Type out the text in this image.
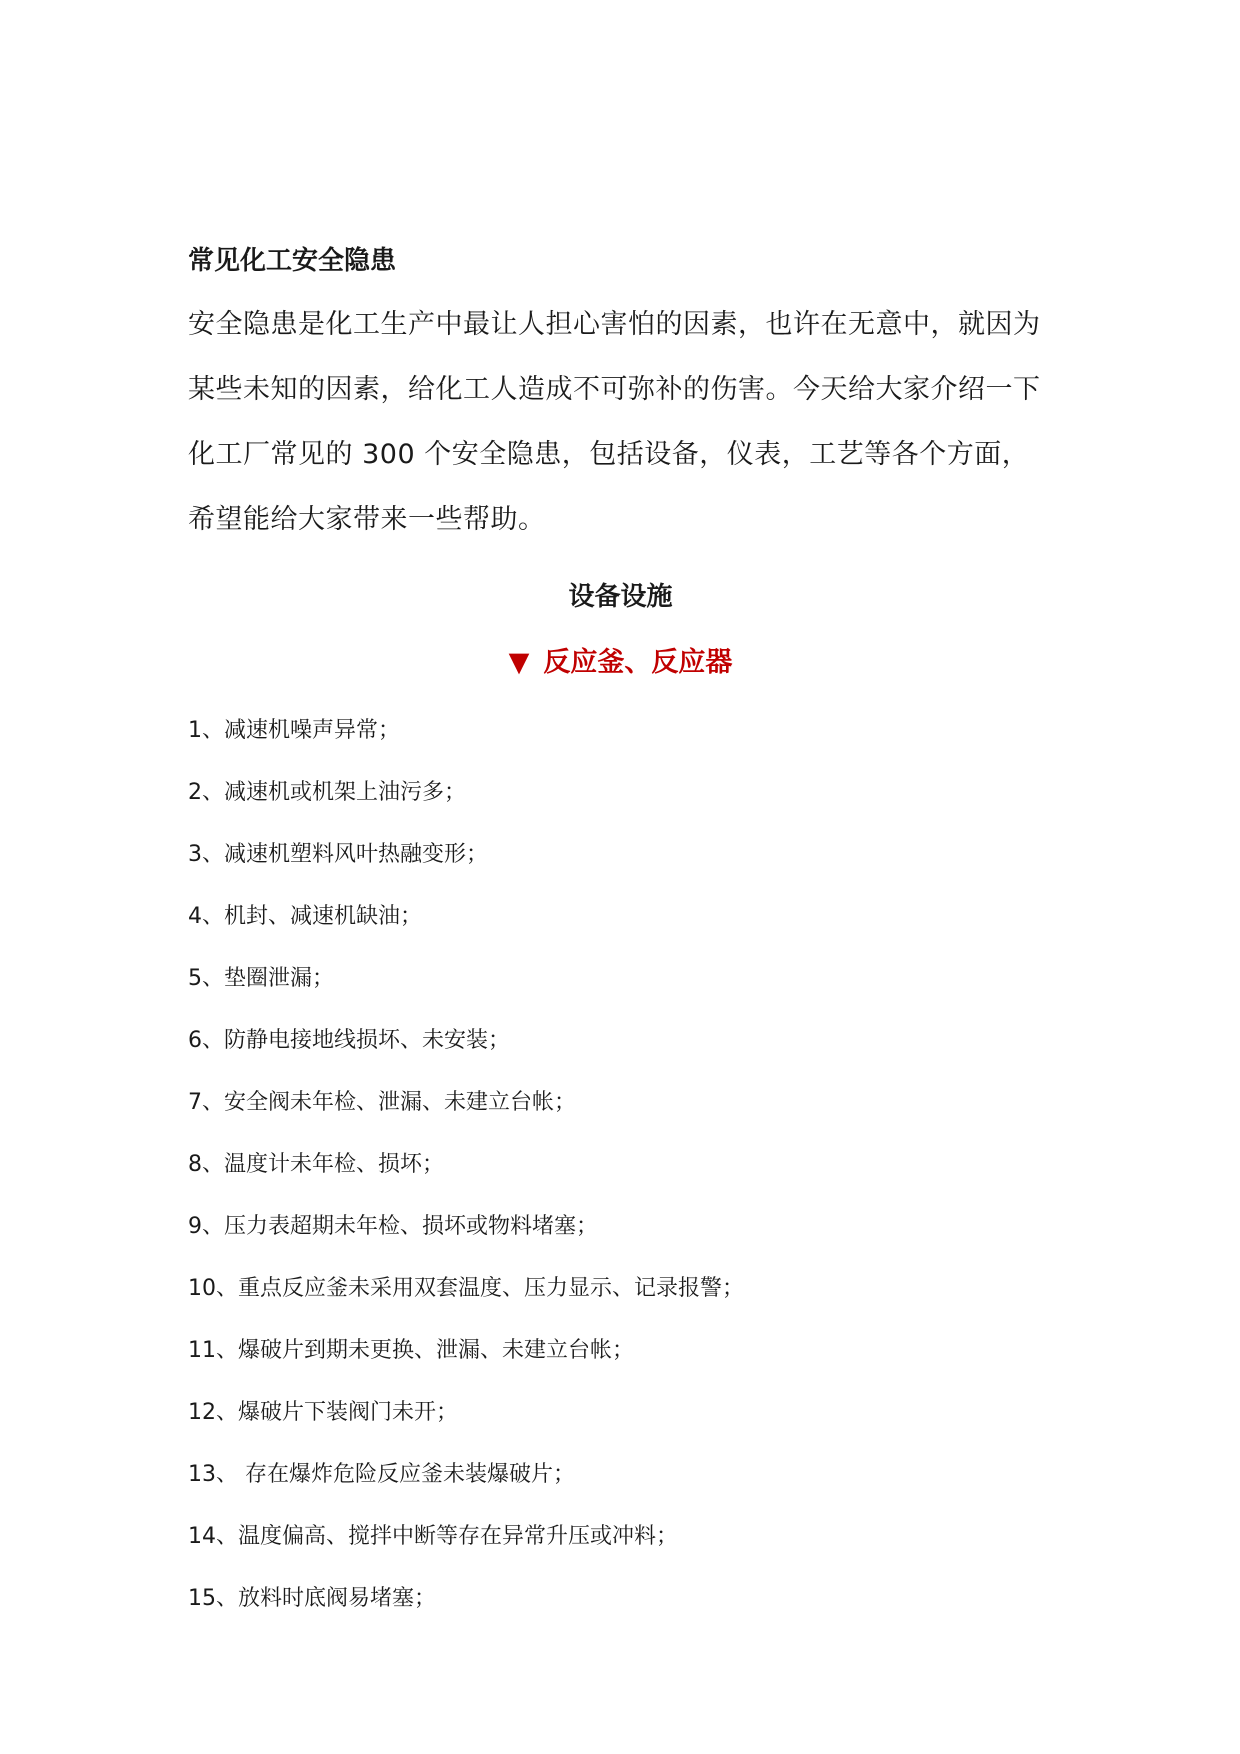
常见化工安全隐患

安全隐患是化工生产中最让人担心害怕的因素，也许在无意中，就因为某些未知的因素，给化工人造成不可弥补的伤害。今天给大家介绍一下化工厂常见的 300 个安全隐患，包括设备，仪表，工艺等各个方面，希望能给大家带来一些帮助。

设备设施
▼ 反应釜、反应器
1、减速机噪声异常；
2、减速机或机架上油污多；
3、减速机塑料风叶热融变形；
4、机封、减速机缺油；
5、垫圈泄漏；
6、防静电接地线损坏、未安装；
7、安全阀未年检、泄漏、未建立台帐；
8、温度计未年检、损坏；
9、压力表超期未年检、损坏或物料堵塞；
10、重点反应釜未采用双套温度、压力显示、记录报警；
11、爆破片到期未更换、泄漏、未建立台帐；
12、爆破片下装阀门未开；
13、 存在爆炸危险反应釜未装爆破片；
14、温度偏高、搅拌中断等存在异常升压或冲料；
15、放料时底阀易堵塞；
